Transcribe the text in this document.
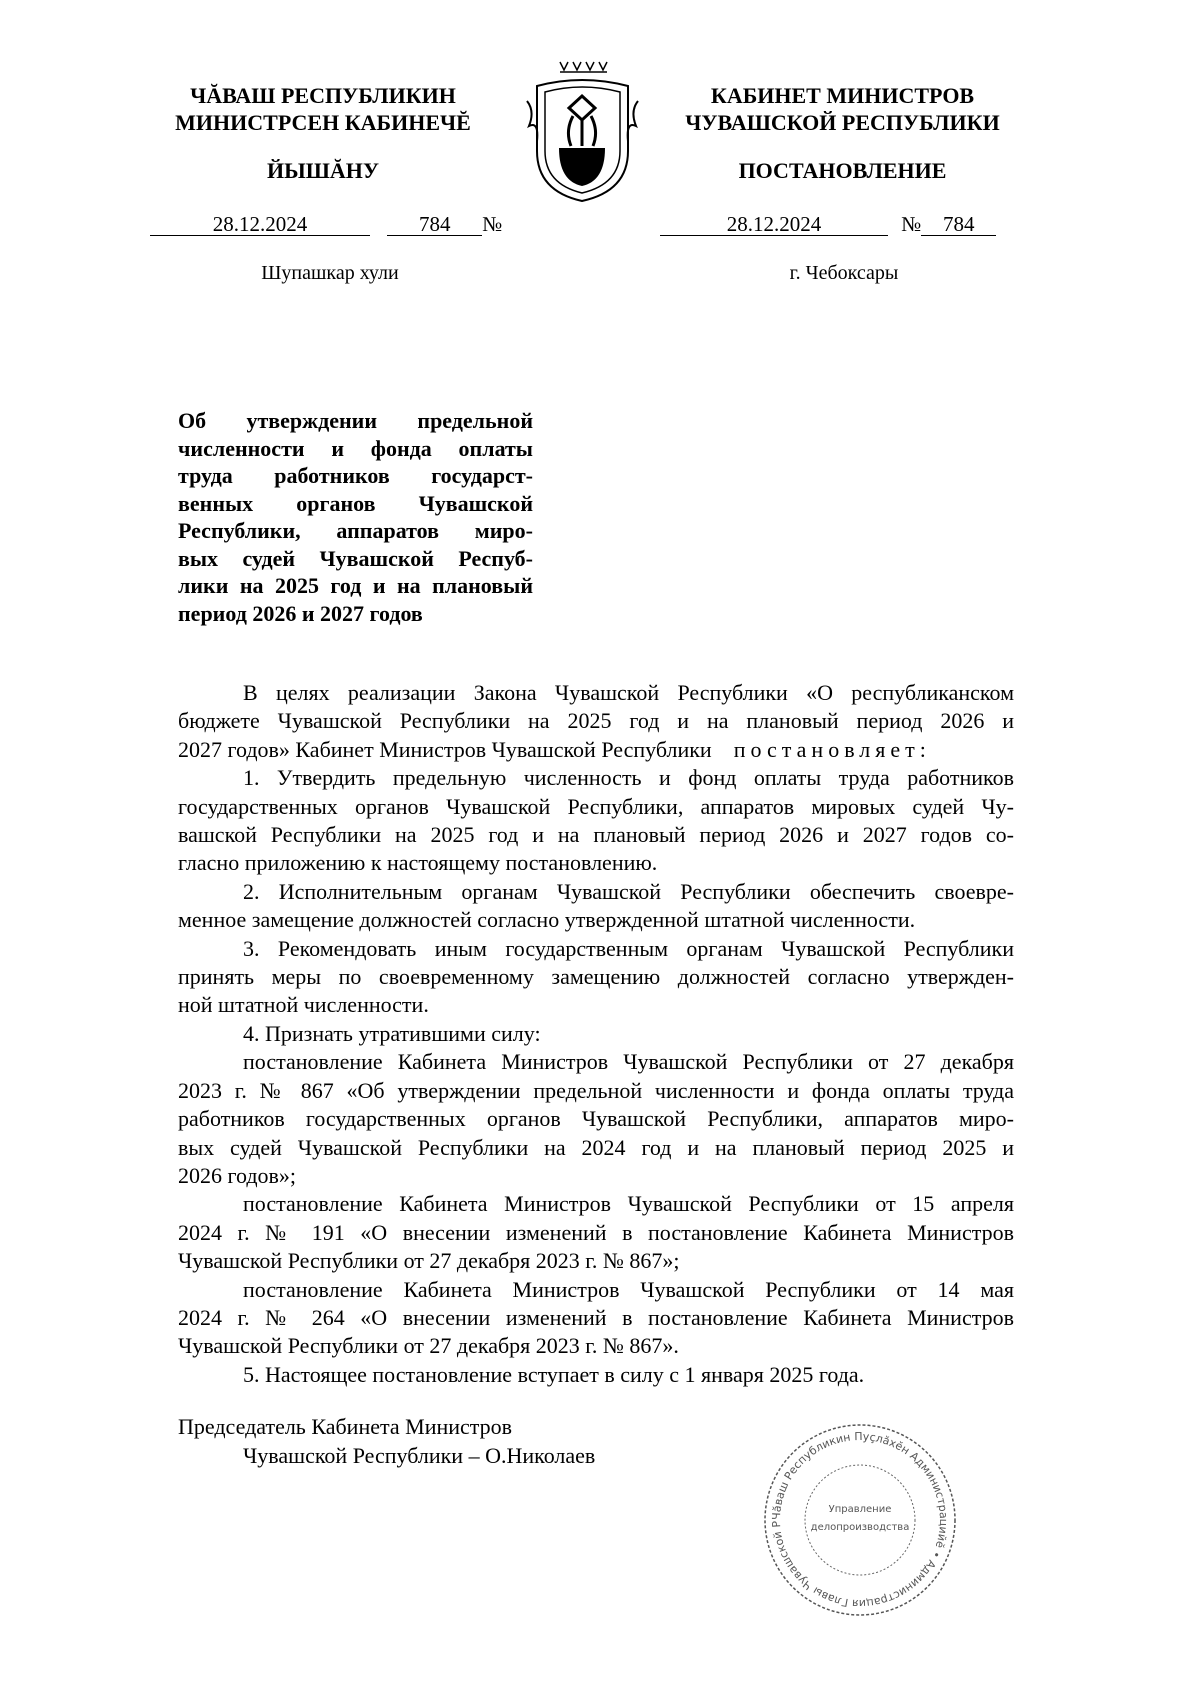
ЧĂВАШ РЕСПУБЛИКИН
МИНИСТРСЕН КАБИНЕЧĔ
ЙЫШĂНУ
КАБИНЕТ МИНИСТРОВ
ЧУВАШСКОЙ РЕСПУБЛИКИ
ПОСТАНОВЛЕНИЕ
28.12.2024	784 №	28.12.2024	№ 784
Шупашкар хули	г. Чебоксары
Об утверждении предельной
численности и фонда оплаты
труда работников государст-
венных органов Чувашской
Республики, аппаратов миро-
вых судей Чувашской Респуб-
лики на 2025 год и на плановый
период 2026 и 2027 годов
В целях реализации Закона Чувашской Республики «О республиканском
бюджете Чувашской Республики на 2025 год и на плановый период 2026 и
2027 годов» Кабинет Министров Чувашской Республики постановляет:
1. Утвердить предельную численность и фонд оплаты труда работников
государственных органов Чувашской Республики, аппаратов мировых судей Чу-
вашской Республики на 2025 год и на плановый период 2026 и 2027 годов со-
гласно приложению к настоящему постановлению.
2. Исполнительным органам Чувашской Республики обеспечить своевре-
менное замещение должностей согласно утвержденной штатной численности.
3. Рекомендовать иным государственным органам Чувашской Республики
принять меры по своевременному замещению должностей согласно утвержден-
ной штатной численности.
4. Признать утратившими силу:
постановление Кабинета Министров Чувашской Республики от 27 декабря
2023 г. № 867 «Об утверждении предельной численности и фонда оплаты труда
работников государственных органов Чувашской Республики, аппаратов миро-
вых судей Чувашской Республики на 2024 год и на плановый период 2025 и
2026 годов»;
постановление Кабинета Министров Чувашской Республики от 15 апреля
2024 г. № 191 «О внесении изменений в постановление Кабинета Министров
Чувашской Республики от 27 декабря 2023 г. № 867»;
постановление Кабинета Министров Чувашской Республики от 14 мая
2024 г. № 264 «О внесении изменений в постановление Кабинета Министров
Чувашской Республики от 27 декабря 2023 г. № 867».
5. Настоящее постановление вступает в силу с 1 января 2025 года.
Председатель Кабинета Министров
Чувашской Республики – О.Николаев
Чăваш Республикин Пуçлăхĕн Администрацийĕ • Администрация Главы Чувашской Р
Управление
делопроизводства
